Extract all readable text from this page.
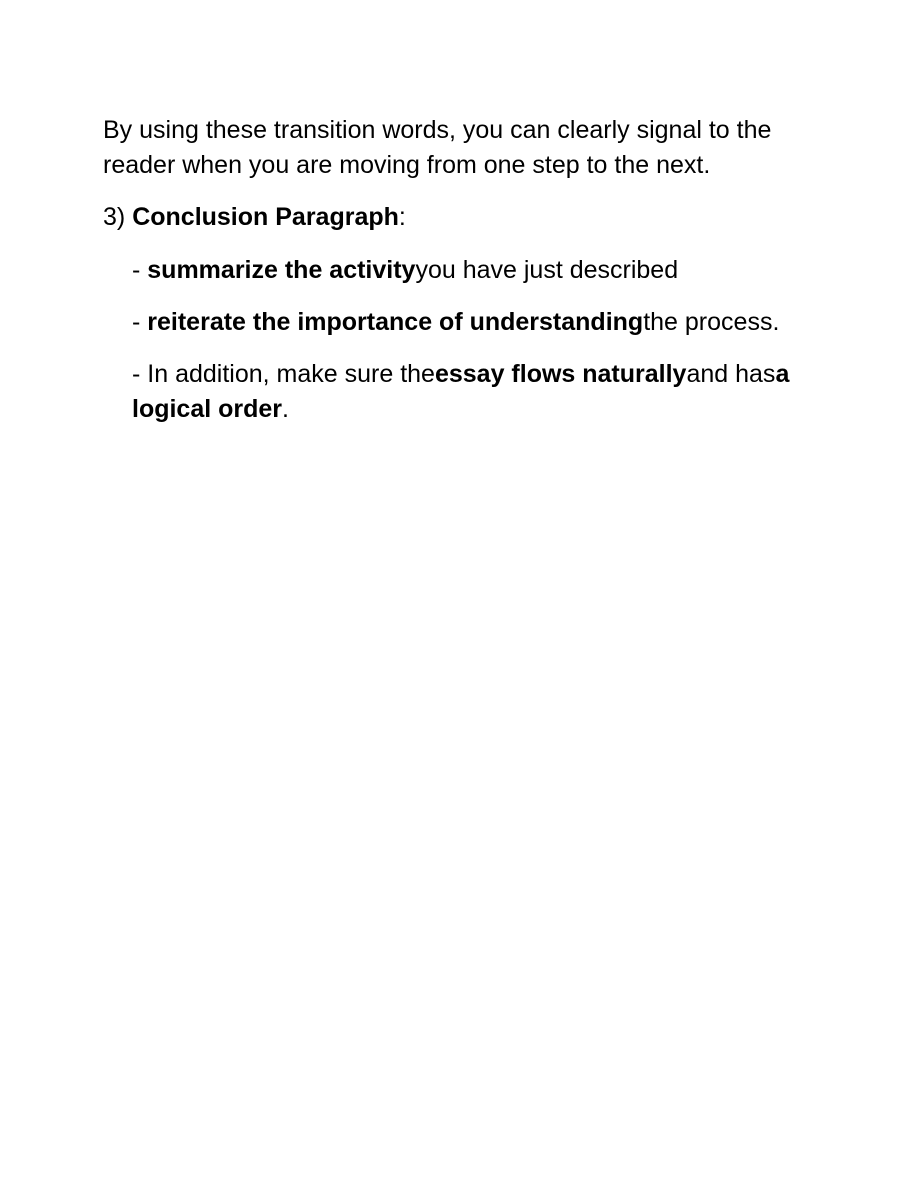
By using these transition words, you can clearly signal to the reader when you are moving from one step to the next.

3) Conclusion Paragraph:

- summarize the activityyou have just described

- reiterate the importance of understandingthe process.

- In addition, make sure theessay flows naturallyand hasa logical order.
